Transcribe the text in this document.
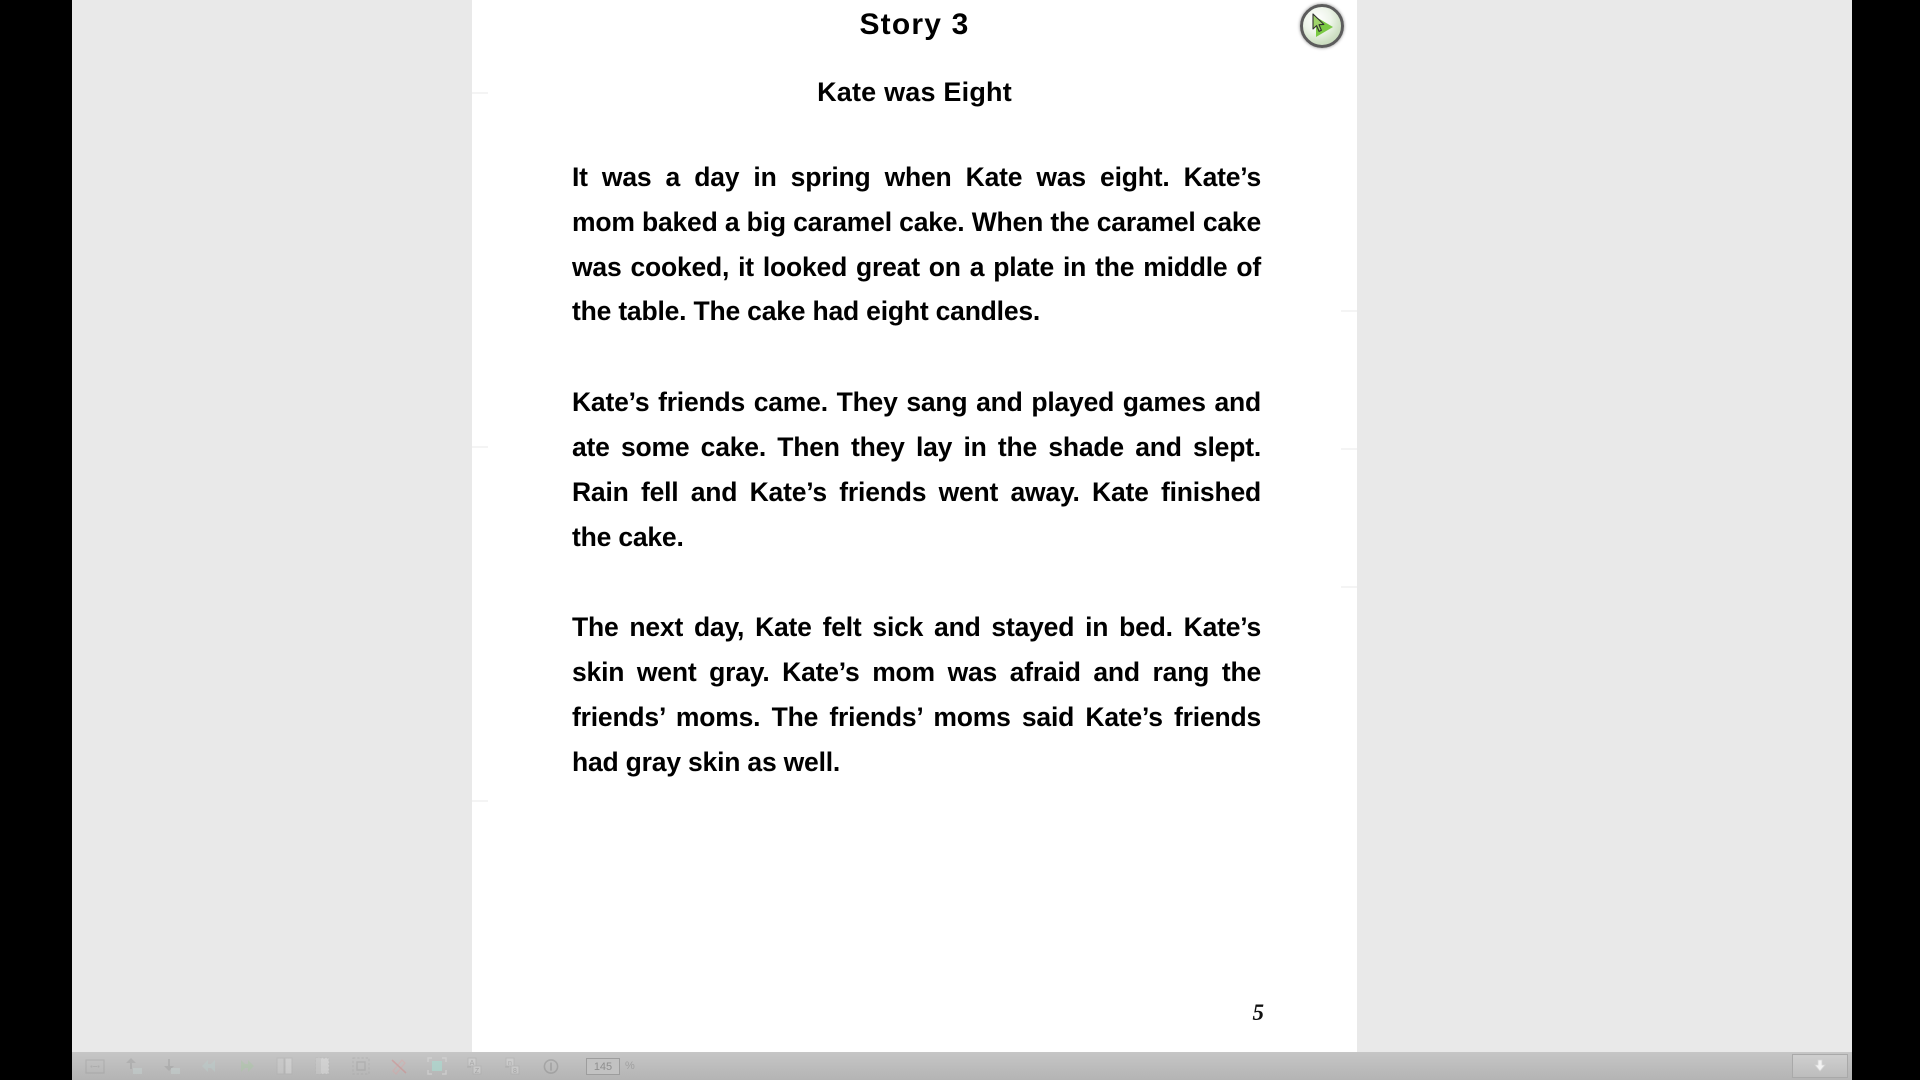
Story 3
Kate was Eight

It was a day in spring when Kate was eight. Kate’s mom baked a big caramel cake. When the caramel cake was cooked, it looked great on a plate in the middle of the table. The cake had eight candles.

Kate’s friends came. They sang and played games and ate some cake. Then they lay in the shade and slept. Rain fell and Kate’s friends went away. Kate finished the cake.

The next day, Kate felt sick and stayed in bed. Kate’s skin went gray. Kate’s mom was afraid and rang the friends’ moms. The friends’ moms said Kate’s friends had gray skin as well.

5
A
Z
n
8	145	%
